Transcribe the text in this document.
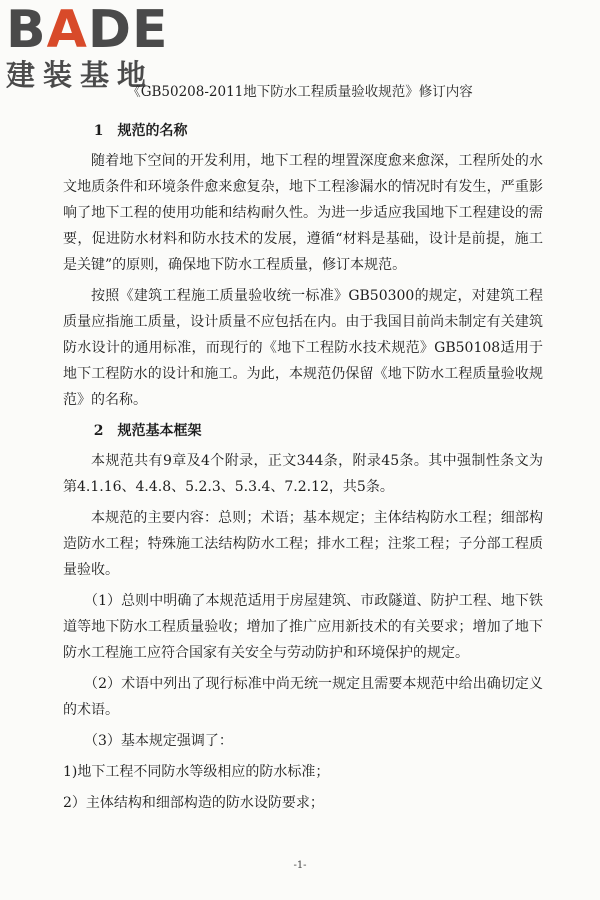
BADE
建装基地
《GB50208-2011地下防水工程质量验收规范》修订内容
1　规范的名称

随着地下空间的开发利用，地下工程的埋置深度愈来愈深，工程所处的水文地质条件和环境条件愈来愈复杂，地下工程渗漏水的情况时有发生，严重影响了地下工程的使用功能和结构耐久性。为进一步适应我国地下工程建设的需要，促进防水材料和防水技术的发展，遵循“材料是基础，设计是前提，施工是关键”的原则，确保地下防水工程质量，修订本规范。

按照《建筑工程施工质量验收统一标准》GB50300的规定，对建筑工程质量应指施工质量，设计质量不应包括在内。由于我国目前尚未制定有关建筑防水设计的通用标准，而现行的《地下工程防水技术规范》GB50108适用于地下工程防水的设计和施工。为此，本规范仍保留《地下防水工程质量验收规范》的名称。

2　规范基本框架

本规范共有9章及4个附录，正文344条，附录45条。其中强制性条文为第4.1.16、4.4.8、5.2.3、5.3.4、7.2.12，共5条。

本规范的主要内容：总则；术语；基本规定；主体结构防水工程；细部构造防水工程；特殊施工法结构防水工程；排水工程；注浆工程；子分部工程质量验收。

（1）总则中明确了本规范适用于房屋建筑、市政隧道、防护工程、地下铁道等地下防水工程质量验收；增加了推广应用新技术的有关要求；增加了地下防水工程施工应符合国家有关安全与劳动防护和环境保护的规定。

（2）术语中列出了现行标准中尚无统一规定且需要本规范中给出确切定义的术语。

（3）基本规定强调了：

1)地下工程不同防水等级相应的防水标准；

2）主体结构和细部构造的防水设防要求；

-1-
